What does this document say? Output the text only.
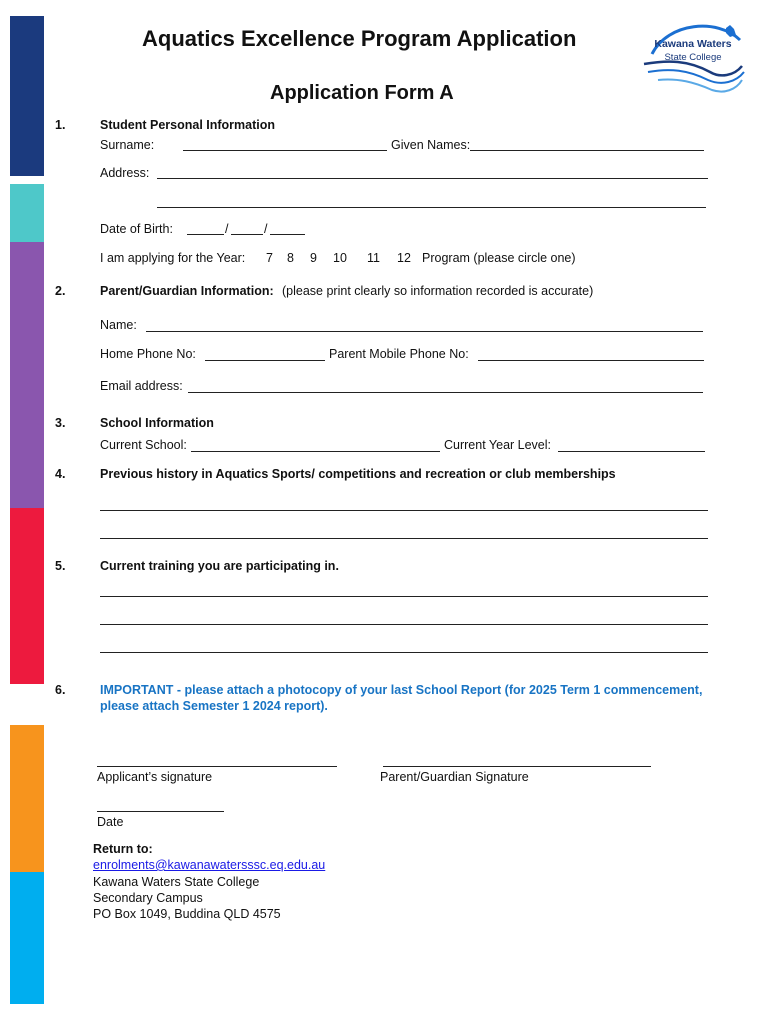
Kawana Waters
State College
Aquatics Excellence Program Application
Application Form A
1.	Student Personal Information
Surname:	Given Names:
Address:
Date of Birth:	/	/
I am applying for the Year: 7 8 9 10 11 12 Program (please circle one)
2.	Parent/Guardian Information: (please print clearly so information recorded is accurate)
Name:
Home Phone No:	Parent Mobile Phone No:
Email address:
3.	School Information
Current School:	Current Year Level:
4.	Previous history in Aquatics Sports/ competitions and recreation or club memberships
5.	Current training you are participating in.
6.	IMPORTANT - please attach a photocopy of your last School Report (for 2025 Term 1 commencement,
please attach Semester 1 2024 report).
Applicant’s signature	Parent/Guardian Signature
Date
Return to:
enrolments@kawanawatersssc.eq.edu.au
Kawana Waters State College
Secondary Campus
PO Box 1049, Buddina QLD 4575
